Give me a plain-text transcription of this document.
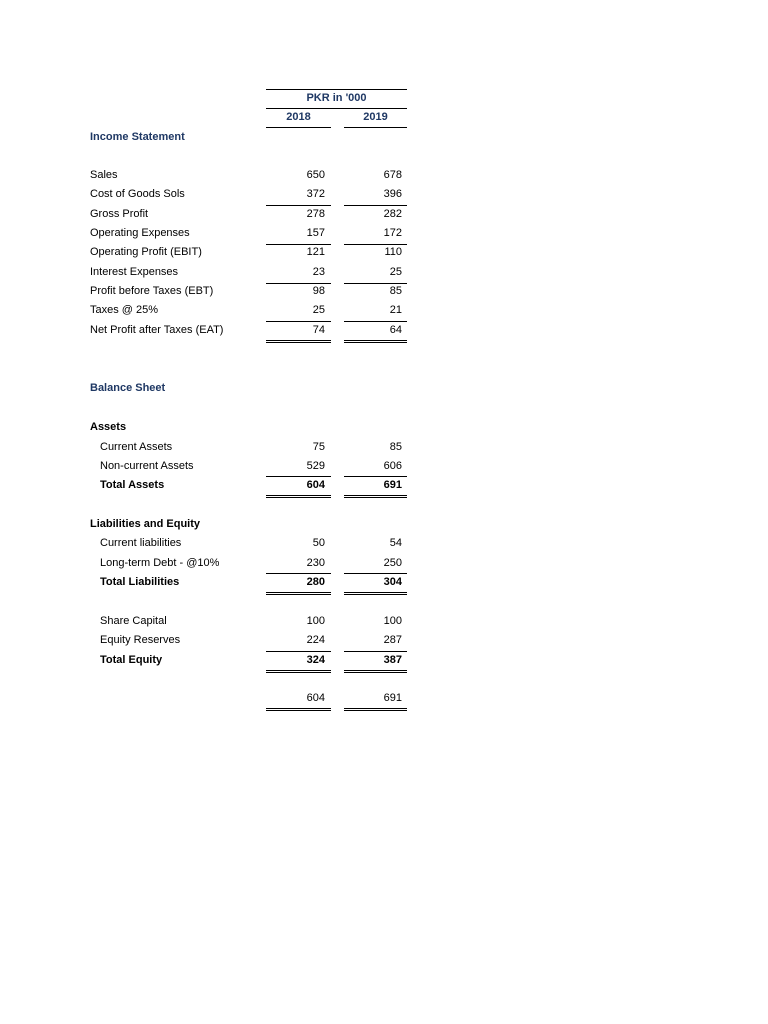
PKR in '000
2018	2019
Income Statement
Sales	650	678
Cost of Goods Sols	372	396
Gross Profit	278	282
Operating Expenses	157	172
Operating Profit (EBIT)	121	110
Interest Expenses	23	25
Profit before Taxes (EBT)	98	85
Taxes @ 25%	25	21
Net Profit after Taxes (EAT)	74	64
Balance Sheet
Assets
Current Assets	75	85
Non-current Assets	529	606
Total Assets	604	691
Liabilities and Equity
Current liabilities	50	54
Long-term Debt - @10%	230	250
Total Liabilities	280	304
Share Capital	100	100
Equity Reserves	224	287
Total Equity	324	387
604	691
